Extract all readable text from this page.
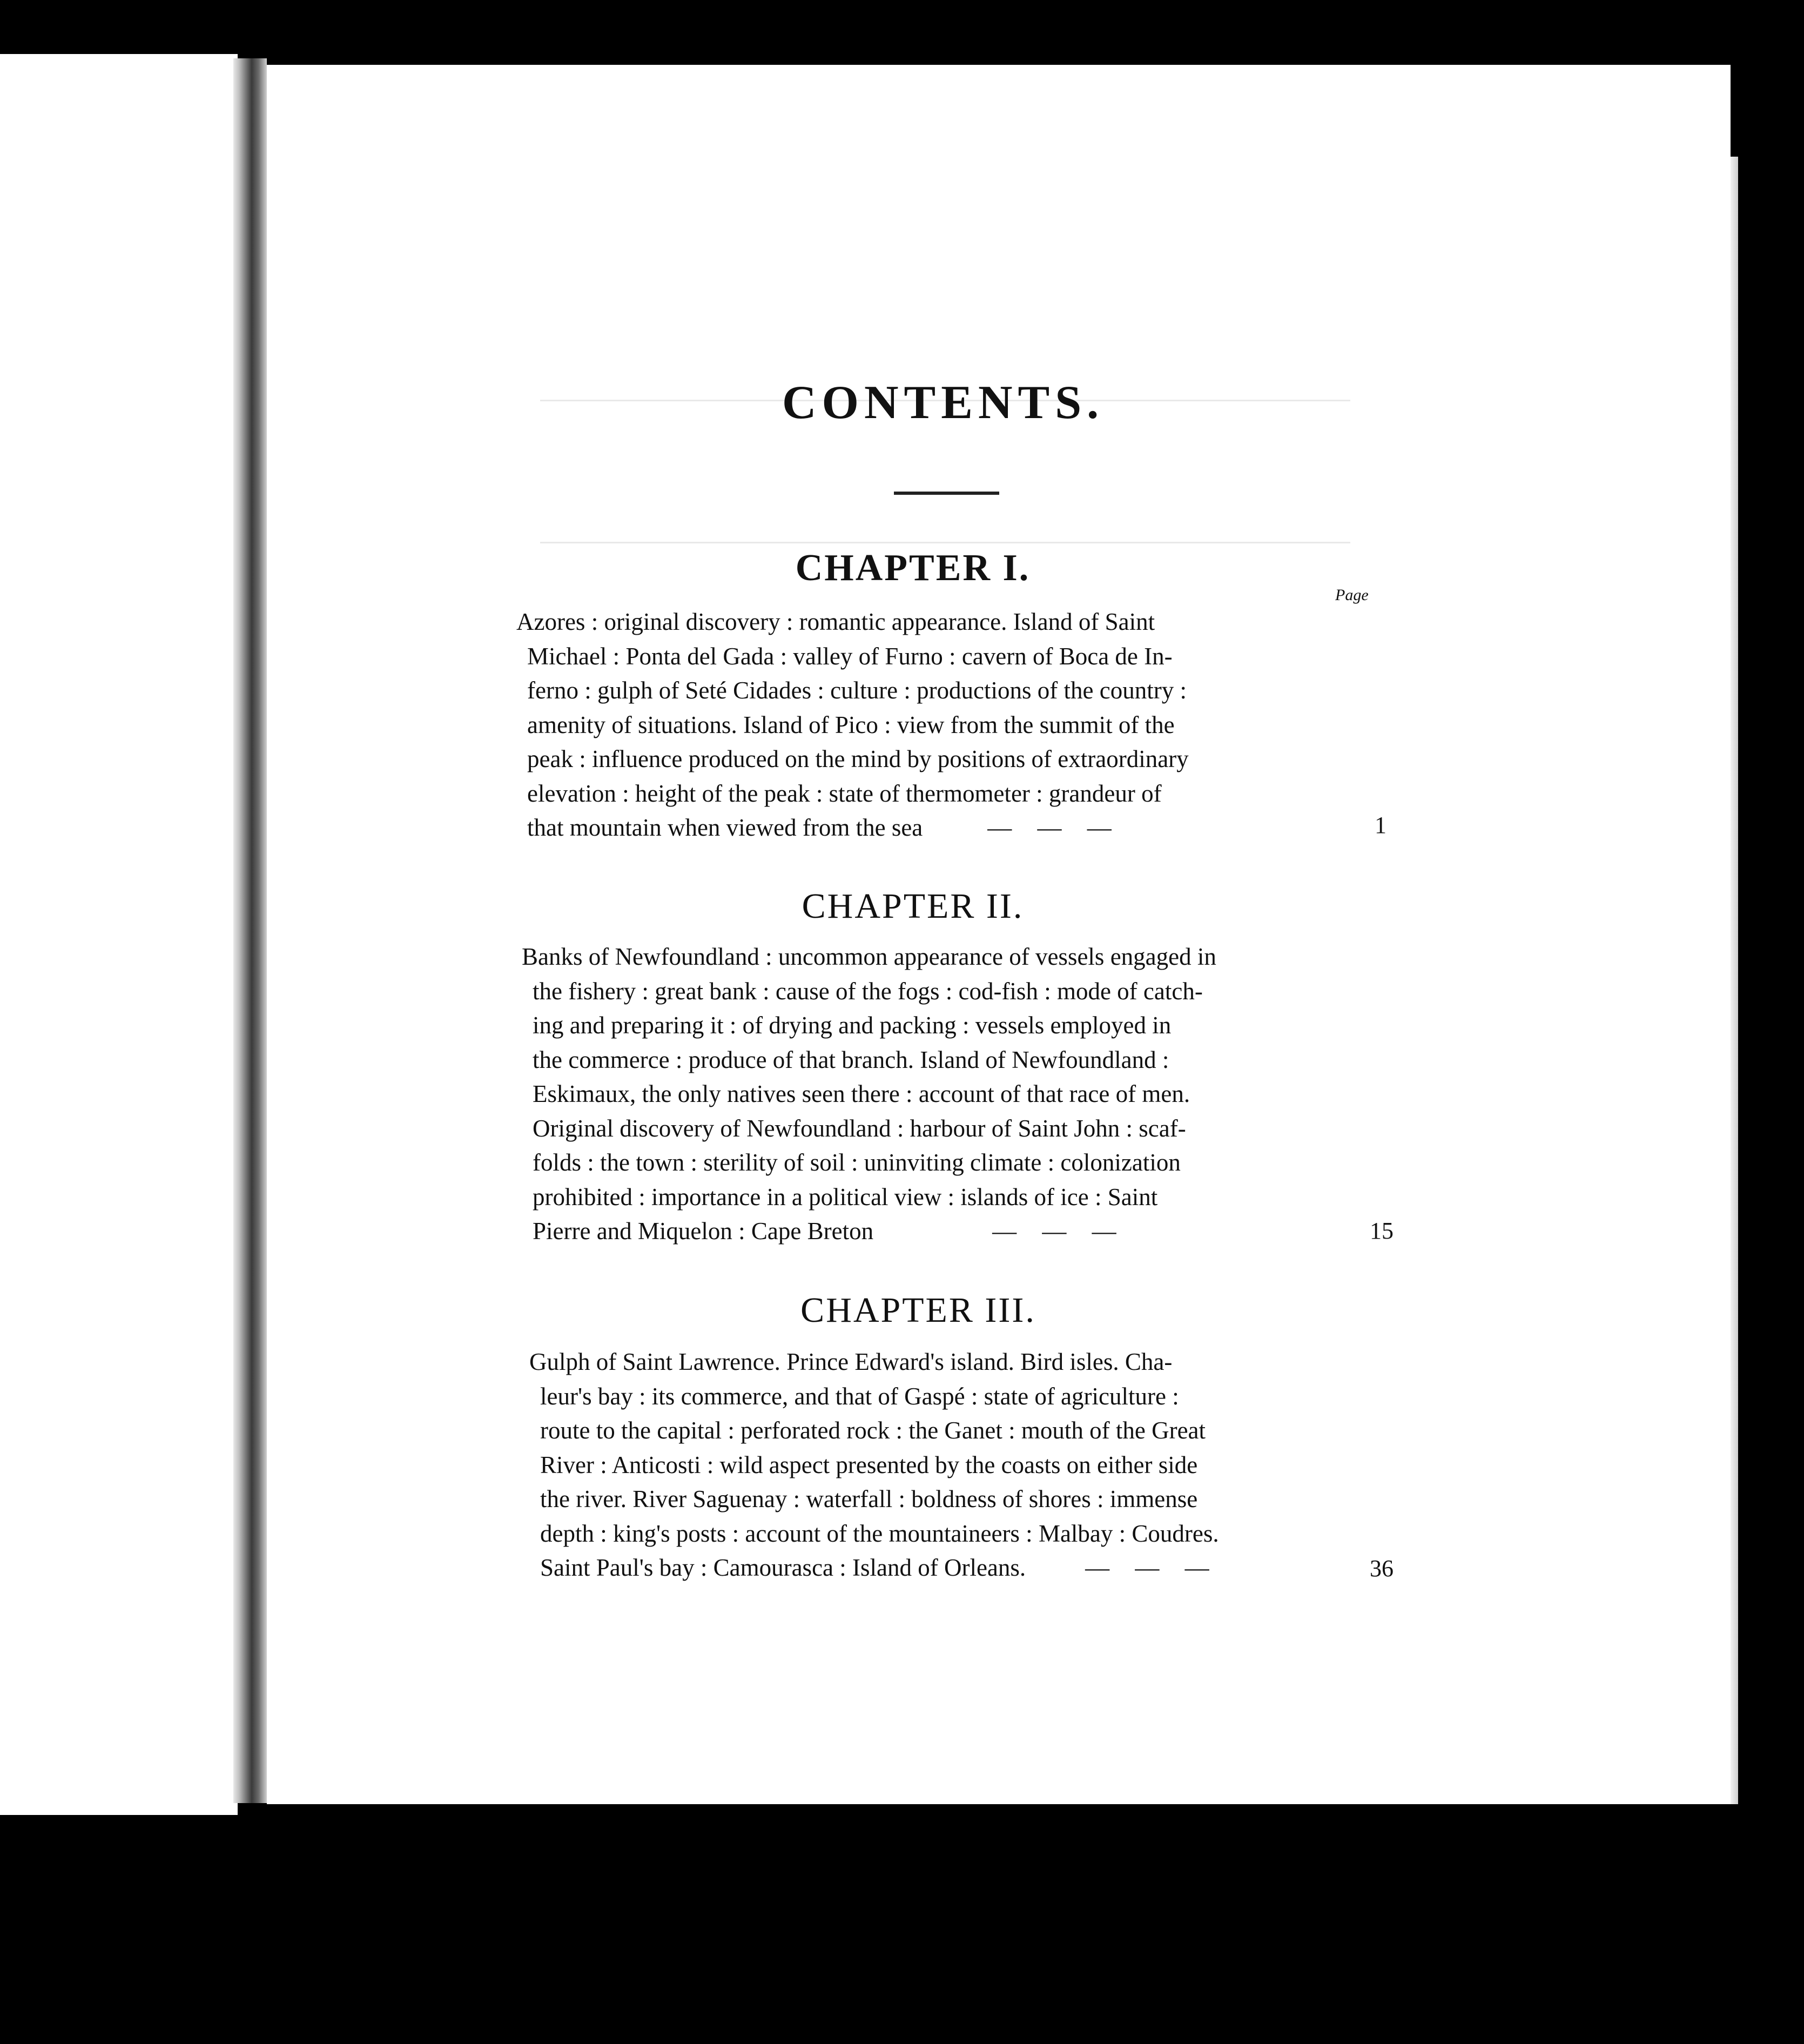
CONTENTS.
Page
CHAPTER I.

Azores : original discovery : romantic appearance. Island of Saint

Michael : Ponta del Gada : valley of Furno : cavern of Boca de In-

ferno : gulph of Seté Cidades : culture : productions of the country :

amenity of situations. Island of Pico : view from the summit of the

peak : influence produced on the mind by positions of extraordinary

elevation : height of the peak : state of thermometer : grandeur of

that mountain when viewed from the sea	— — —	1
CHAPTER II.

Banks of Newfoundland : uncommon appearance of vessels engaged in

the fishery : great bank : cause of the fogs : cod-fish : mode of catch-

ing and preparing it : of drying and packing : vessels employed in

the commerce : produce of that branch. Island of Newfoundland :

Eskimaux, the only natives seen there : account of that race of men.

Original discovery of Newfoundland : harbour of Saint John : scaf-

folds : the town : sterility of soil : uninviting climate : colonization

prohibited : importance in a political view : islands of ice : Saint

Pierre and Miquelon : Cape Breton	— — —	15
CHAPTER III.

Gulph of Saint Lawrence. Prince Edward's island. Bird isles. Cha-

leur's bay : its commerce, and that of Gaspé : state of agriculture :

route to the capital : perforated rock : the Ganet : mouth of the Great

River : Anticosti : wild aspect presented by the coasts on either side

the river. River Saguenay : waterfall : boldness of shores : immense

depth : king's posts : account of the mountaineers : Malbay : Coudres.

Saint Paul's bay : Camourasca : Island of Orleans. — — —	36
